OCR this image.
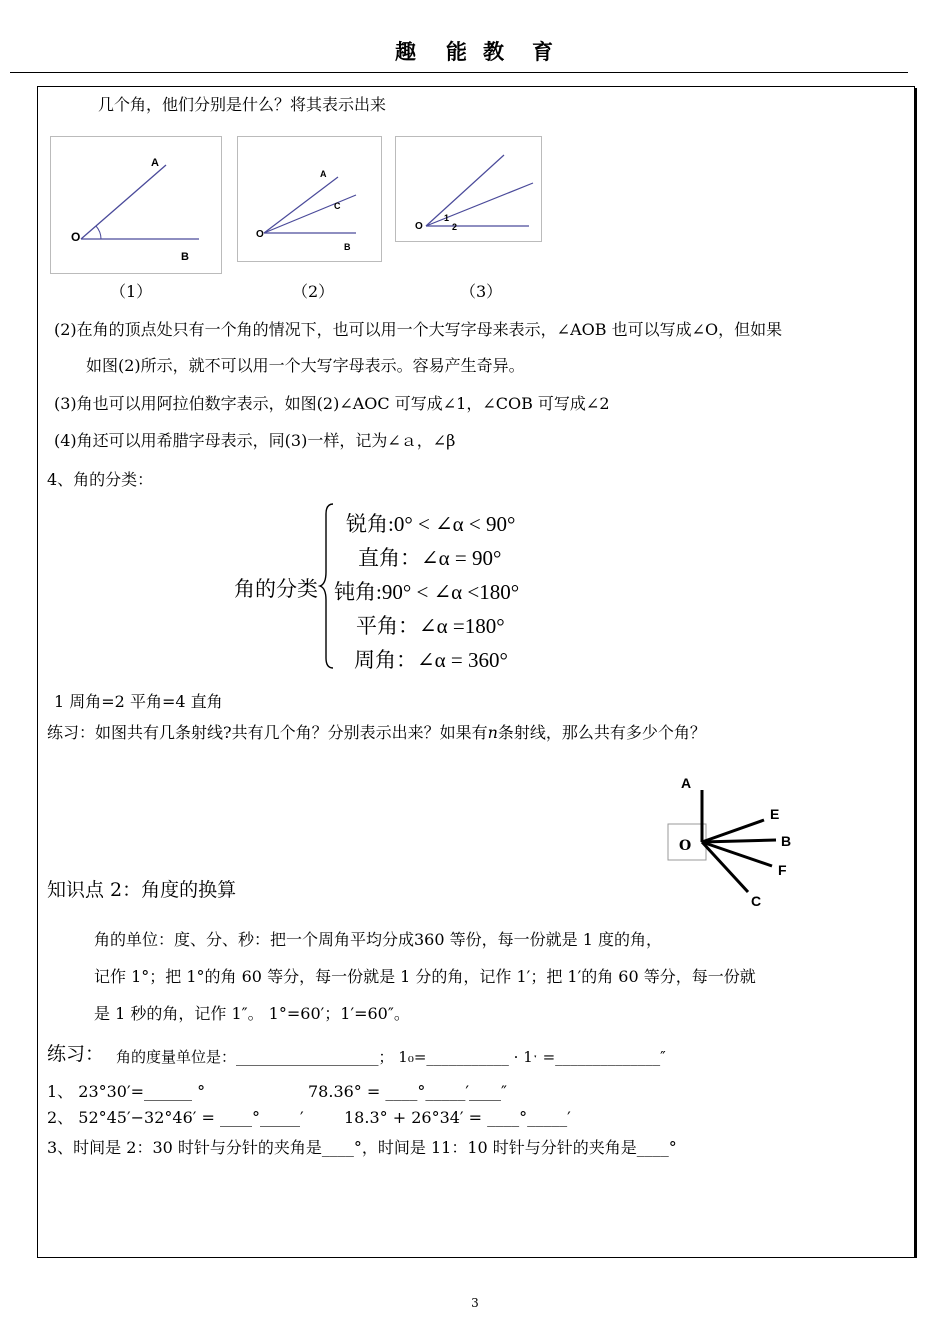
趣 能 教 育
几个角，他们分别是什么？将其表示出来
A
O
B
（1）
A
C
O
B
（2）
1
2
O
（3）
(2)在角的顶点处只有一个角的情况下，也可以用一个大写字母来表示，∠AOB 也可以写成∠O，但如果
如图(2)所示，就不可以用一个大写字母表示。容易产生奇异。
(3)角也可以用阿拉伯数字表示，如图(2)∠AOC 可写成∠1，∠COB 可写成∠2
(4)角还可以用希腊字母表示，同(3)一样，记为∠ａ，∠β
4、角的分类：
角的分类
锐角:0° < ∠α < 90°
直角：∠α = 90°
钝角:90° < ∠α <180°
平角：∠α =180°
周角：∠α = 360°
1 周角=2 平角=4 直角
练习：如图共有几条射线?共有几个角？分别表示出来？如果有n条射线，那么共有多少个角？
A
E
B
O
F
C
知识点 2：角度的换算
角的单位：度、分、秒：把一个周角平均分成360 等份，每一份就是 1 度的角，
记作 1°；把 1°的角 60 等分，每一份就是 1 分的角，记作 1′；把 1′的角 60 等分，每一份就
是 1 秒的角，记作 1″。 1°=60′；1′=60″。
练习： 角的度量单位是：___________________； 1₀=___________ · 1ˑ =______________″
1、 23°30′=______ °	78.36° = ____°_____′____″
2、 52°45′−32°46′ = ____°_____′	18.3° + 26°34′ = ____°_____′
3、时间是 2：30 时针与分针的夹角是____°，时间是 11：10 时针与分针的夹角是____°
3
